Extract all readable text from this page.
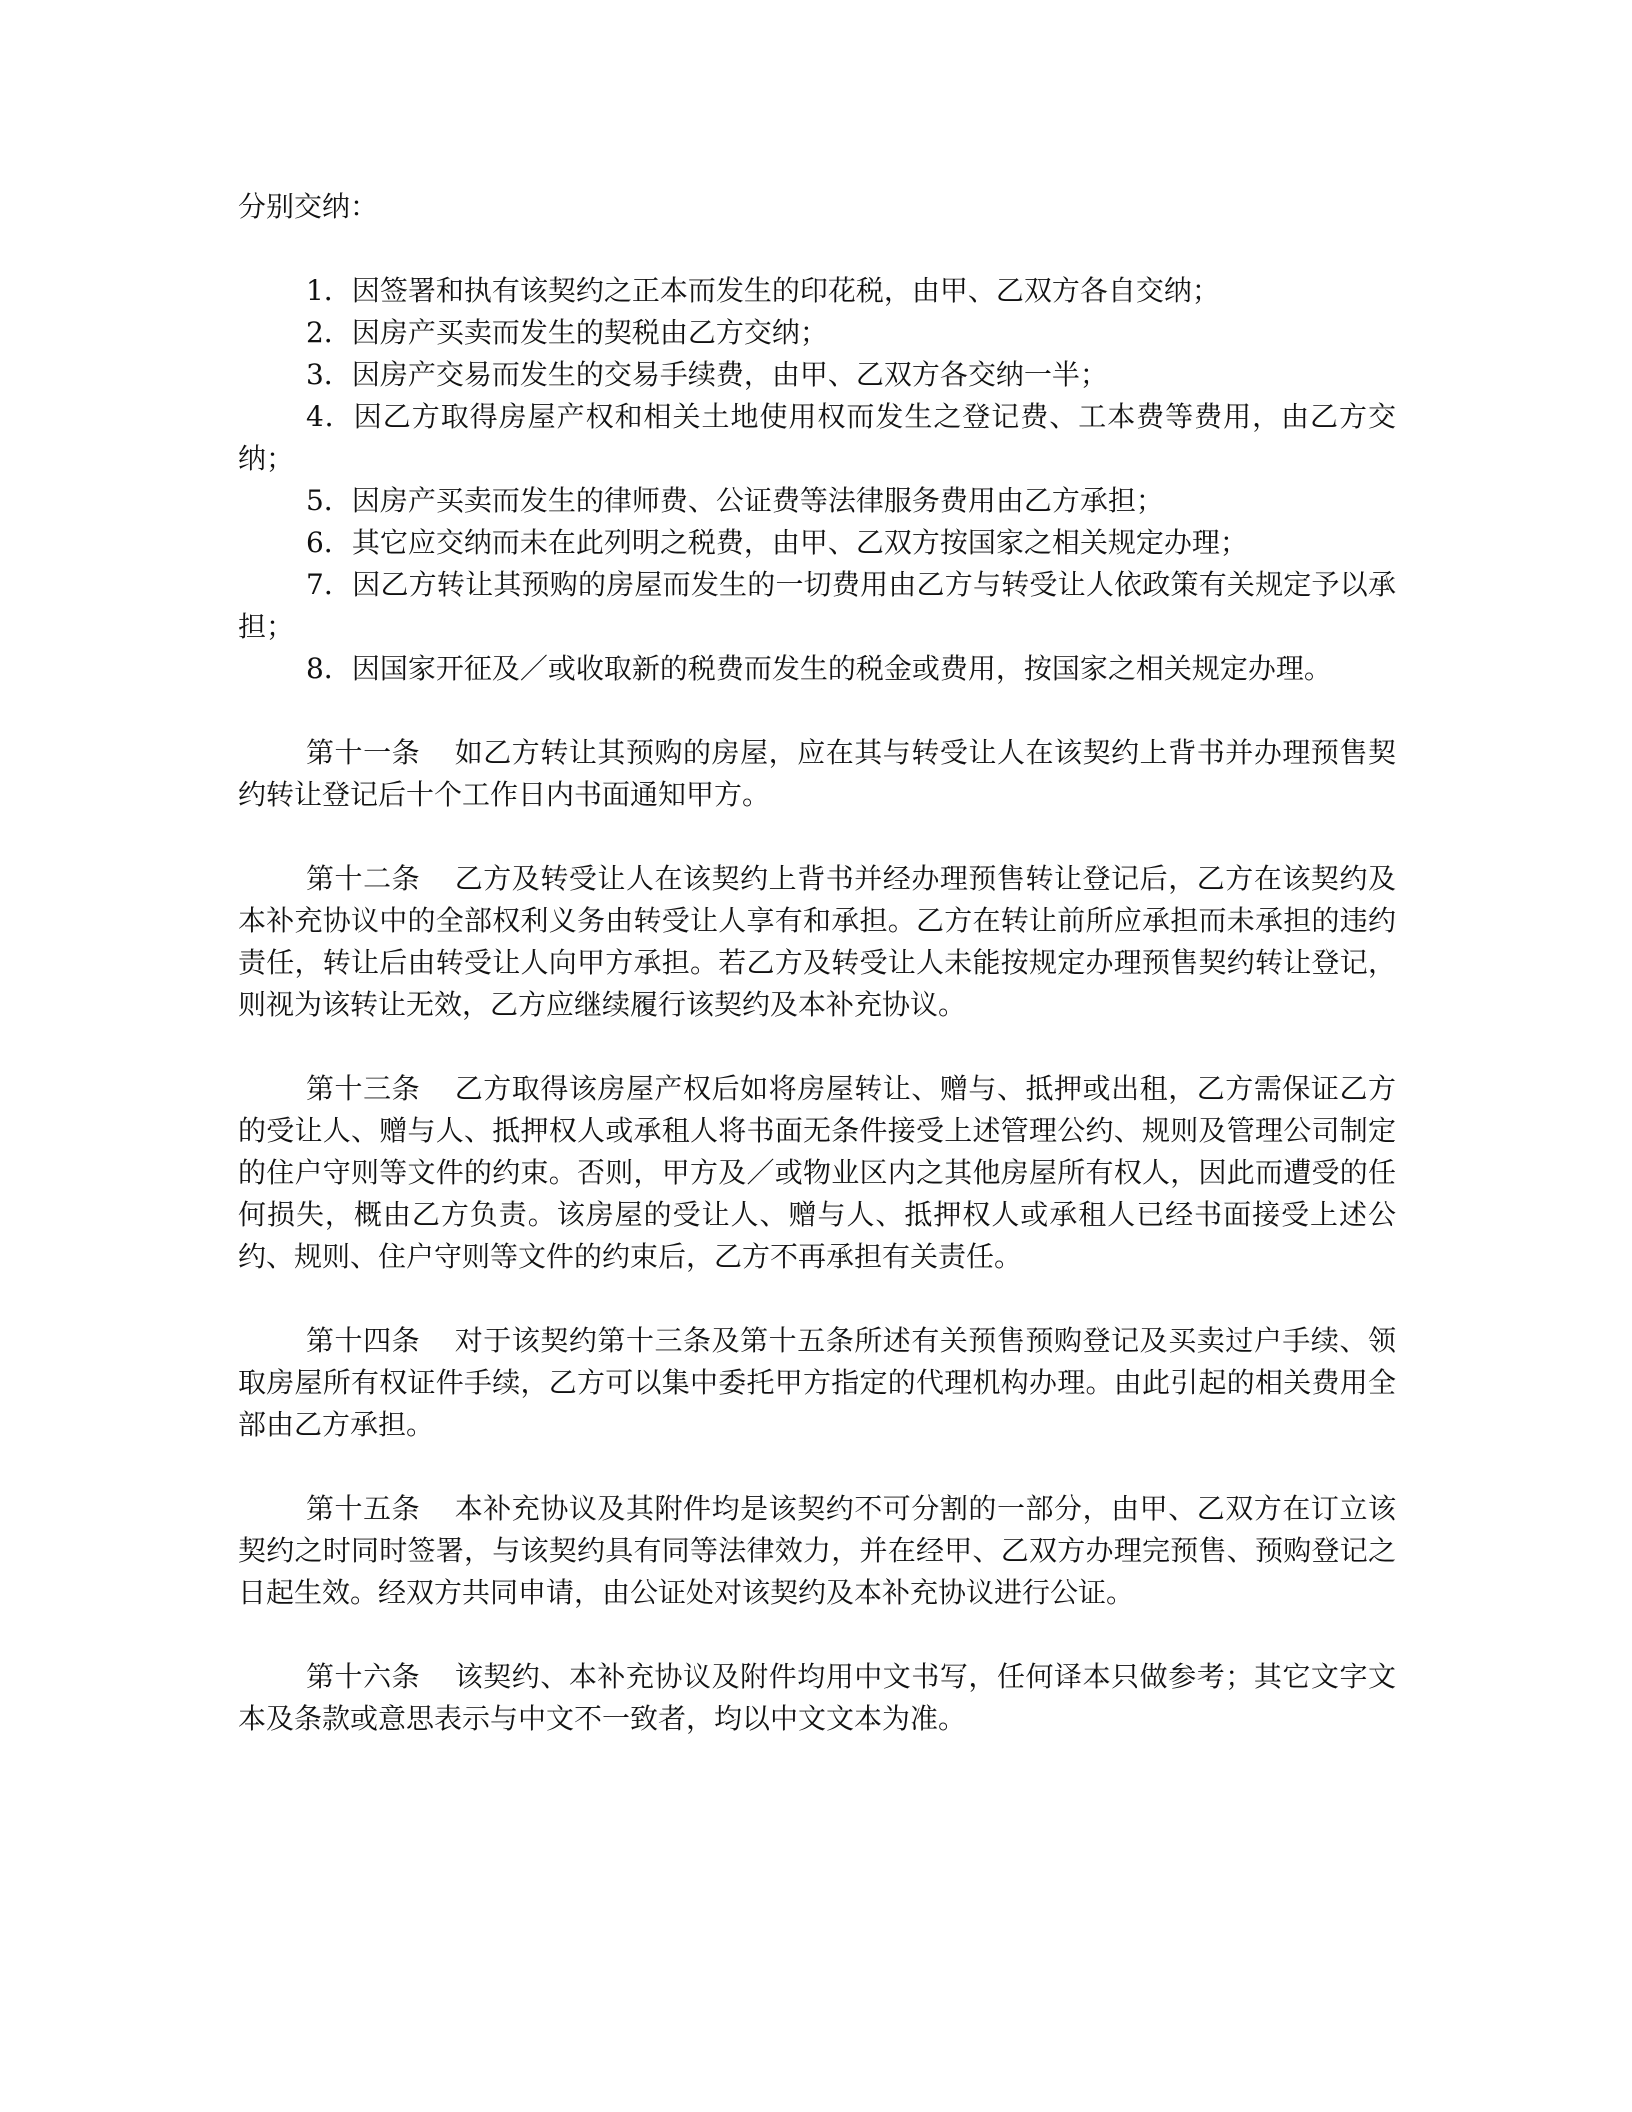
分别交纳：

1．因签署和执有该契约之正本而发生的印花税，由甲、乙双方各自交纳；

2．因房产买卖而发生的契税由乙方交纳；

3．因房产交易而发生的交易手续费，由甲、乙双方各交纳一半；

4．因乙方取得房屋产权和相关土地使用权而发生之登记费、工本费等费用，由乙方交纳；

5．因房产买卖而发生的律师费、公证费等法律服务费用由乙方承担；

6．其它应交纳而未在此列明之税费，由甲、乙双方按国家之相关规定办理；

7．因乙方转让其预购的房屋而发生的一切费用由乙方与转受让人依政策有关规定予以承担；

8．因国家开征及／或收取新的税费而发生的税金或费用，按国家之相关规定办理。

第十一条 如乙方转让其预购的房屋，应在其与转受让人在该契约上背书并办理预售契约转让登记后十个工作日内书面通知甲方。

第十二条 乙方及转受让人在该契约上背书并经办理预售转让登记后，乙方在该契约及本补充协议中的全部权利义务由转受让人享有和承担。乙方在转让前所应承担而未承担的违约责任，转让后由转受让人向甲方承担。若乙方及转受让人未能按规定办理预售契约转让登记，则视为该转让无效，乙方应继续履行该契约及本补充协议。

第十三条 乙方取得该房屋产权后如将房屋转让、赠与、抵押或出租，乙方需保证乙方的受让人、赠与人、抵押权人或承租人将书面无条件接受上述管理公约、规则及管理公司制定的住户守则等文件的约束。否则，甲方及／或物业区内之其他房屋所有权人，因此而遭受的任何损失，概由乙方负责。该房屋的受让人、赠与人、抵押权人或承租人已经书面接受上述公约、规则、住户守则等文件的约束后，乙方不再承担有关责任。

第十四条 对于该契约第十三条及第十五条所述有关预售预购登记及买卖过户手续、领取房屋所有权证件手续，乙方可以集中委托甲方指定的代理机构办理。由此引起的相关费用全部由乙方承担。

第十五条 本补充协议及其附件均是该契约不可分割的一部分，由甲、乙双方在订立该契约之时同时签署，与该契约具有同等法律效力，并在经甲、乙双方办理完预售、预购登记之日起生效。经双方共同申请，由公证处对该契约及本补充协议进行公证。

第十六条 该契约、本补充协议及附件均用中文书写，任何译本只做参考；其它文字文本及条款或意思表示与中文不一致者，均以中文文本为准。
